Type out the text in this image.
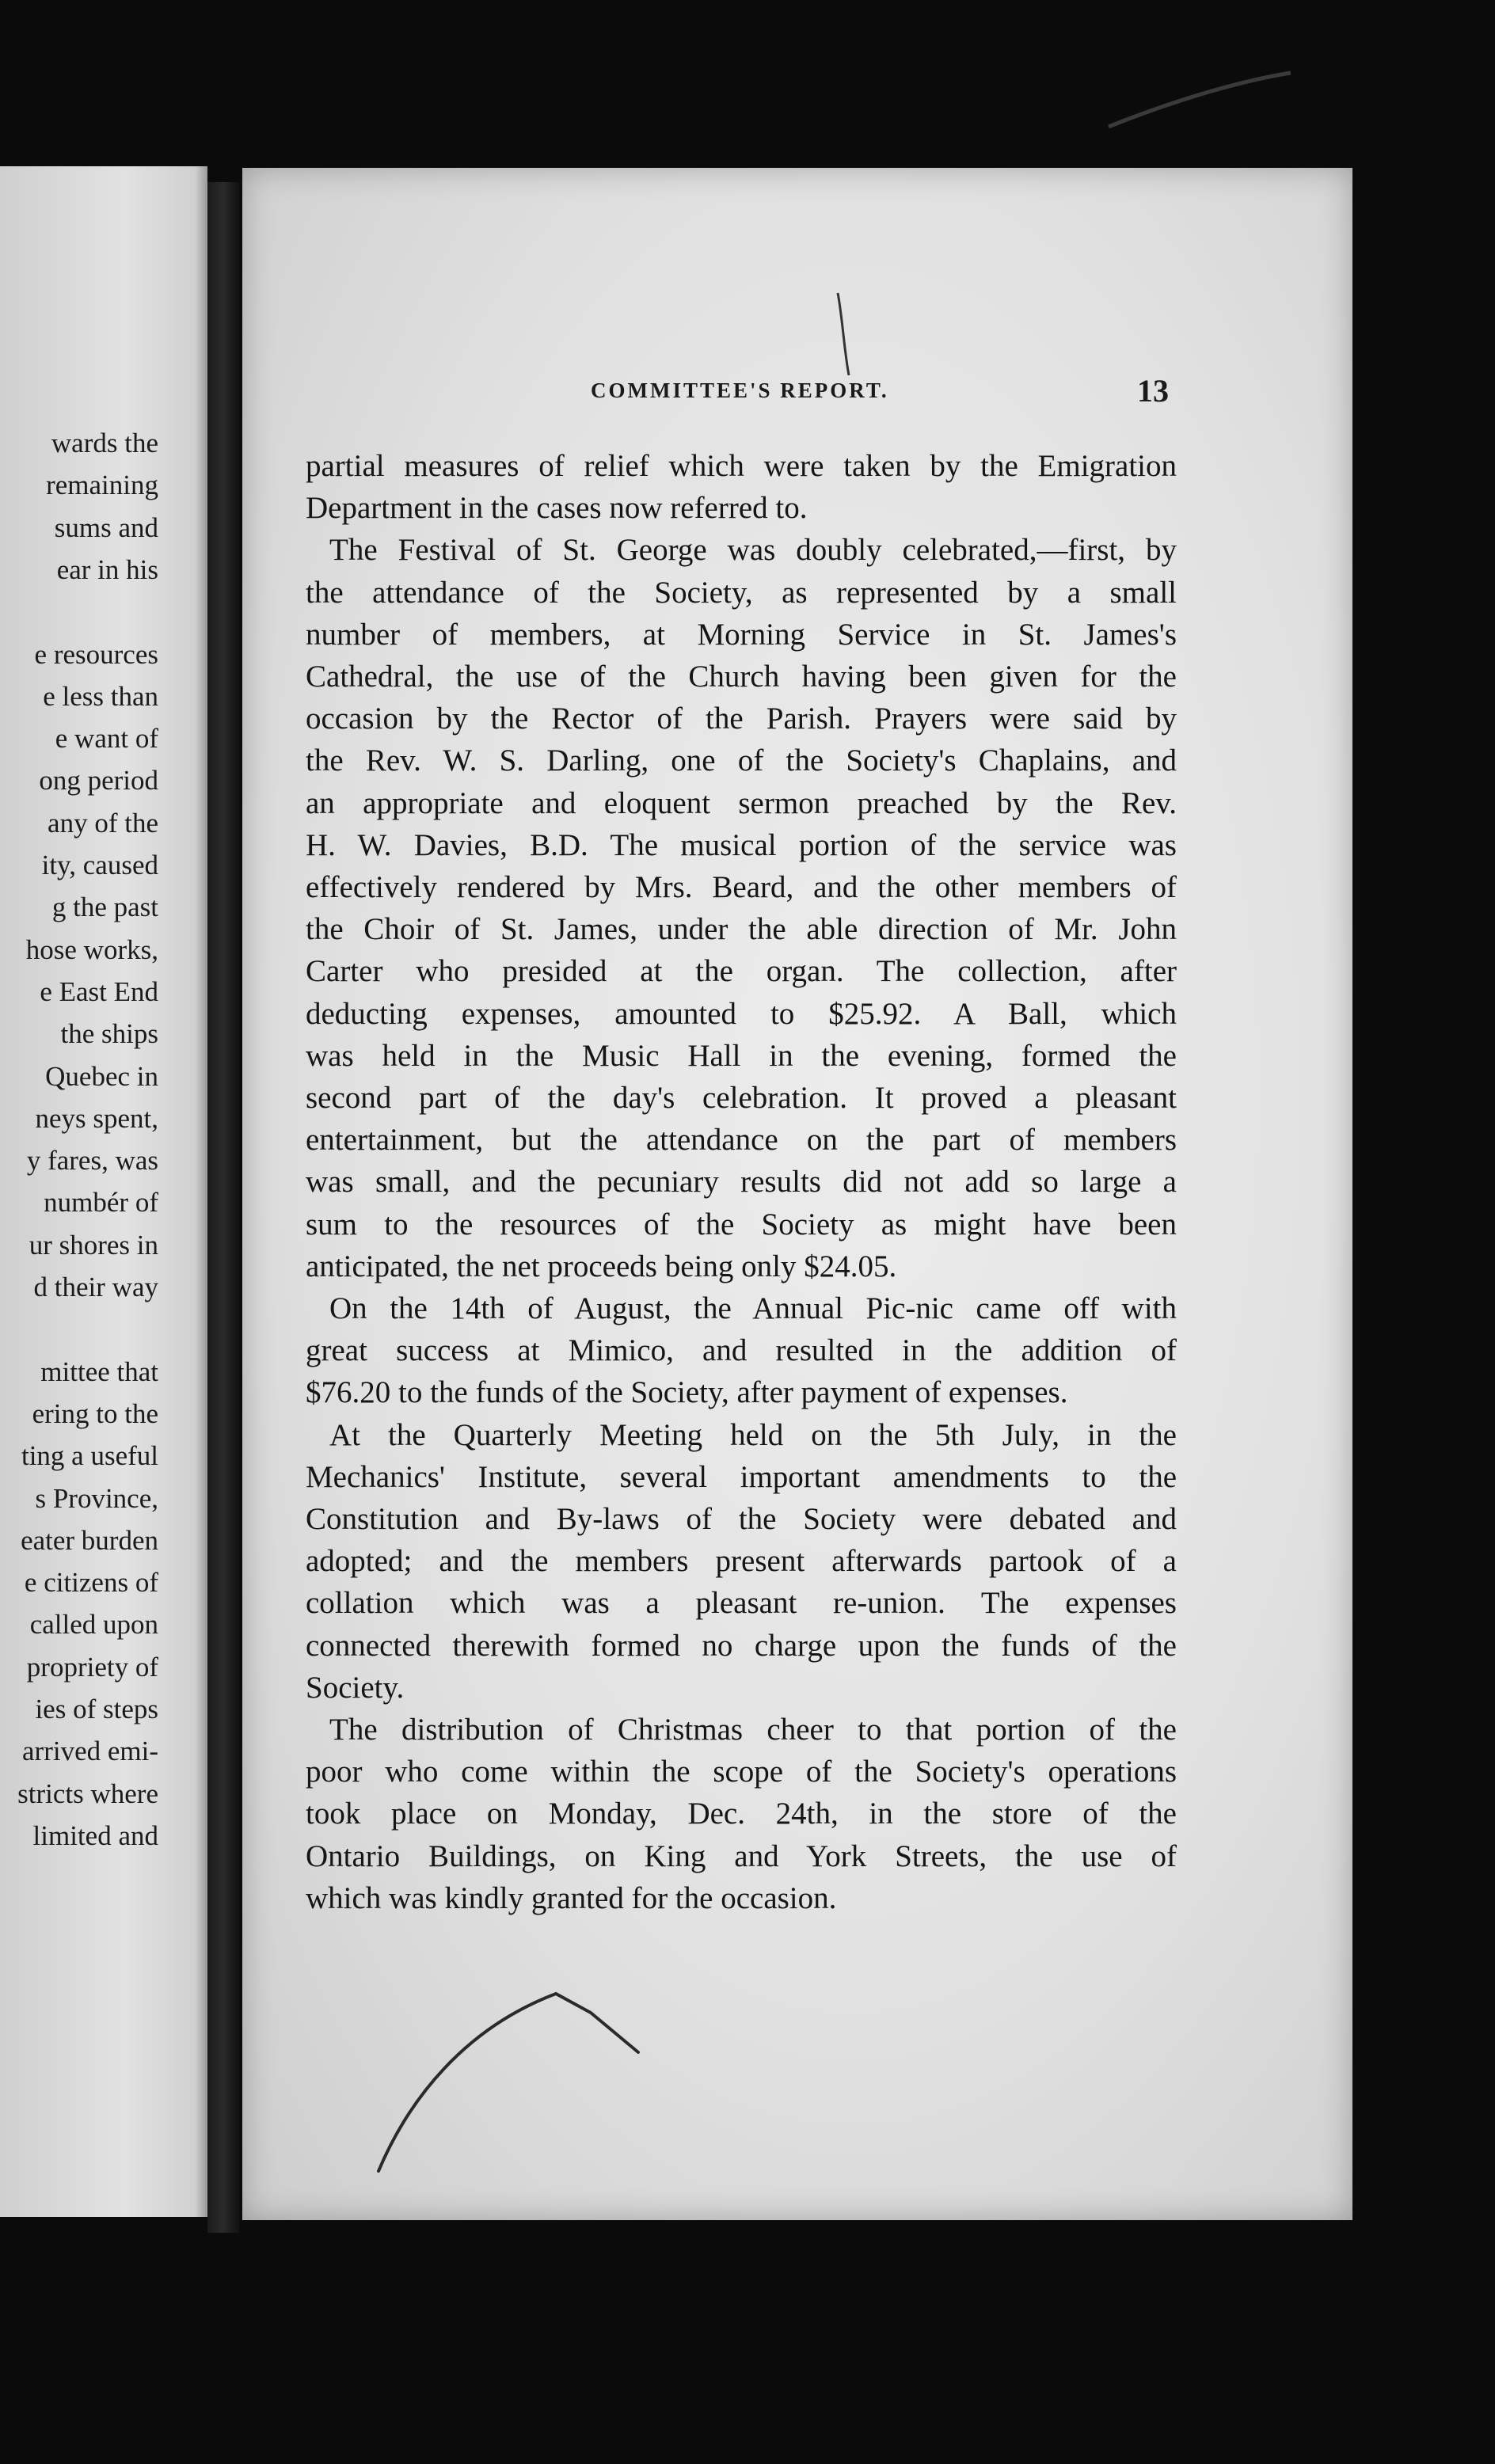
wards the
remaining
sums and
ear in his
e resources
e less than
e want of
ong period
any of the
ity, caused
g the past
hose works,
e East End
the ships
Quebec in
neys spent,
y fares, was
numbér of
ur shores in
d their way
mittee that
ering to the
ting a useful
s Province,
eater burden
e citizens of
called upon
propriety of
ies of steps
arrived emi-
stricts where
limited and
COMMITTEE'S REPORT.	13
partial measures of relief which were taken by the Emigration
Department in the cases now referred to.
The Festival of St. George was doubly celebrated,—first, by
the attendance of the Society, as represented by a small
number of members, at Morning Service in St. James's
Cathedral, the use of the Church having been given for the
occasion by the Rector of the Parish. Prayers were said by
the Rev. W. S. Darling, one of the Society's Chaplains, and
an appropriate and eloquent sermon preached by the Rev.
H. W. Davies, B.D. The musical portion of the service was
effectively rendered by Mrs. Beard, and the other members of
the Choir of St. James, under the able direction of Mr. John
Carter who presided at the organ. The collection, after
deducting expenses, amounted to $25.92. A Ball, which
was held in the Music Hall in the evening, formed the
second part of the day's celebration. It proved a pleasant
entertainment, but the attendance on the part of members
was small, and the pecuniary results did not add so large a
sum to the resources of the Society as might have been
anticipated, the net proceeds being only $24.05.
On the 14th of August, the Annual Pic-nic came off with
great success at Mimico, and resulted in the addition of
$76.20 to the funds of the Society, after payment of expenses.
At the Quarterly Meeting held on the 5th July, in the
Mechanics' Institute, several important amendments to the
Constitution and By-laws of the Society were debated and
adopted; and the members present afterwards partook of a
collation which was a pleasant re-union. The expenses
connected therewith formed no charge upon the funds of the
Society.
The distribution of Christmas cheer to that portion of the
poor who come within the scope of the Society's operations
took place on Monday, Dec. 24th, in the store of the
Ontario Buildings, on King and York Streets, the use of
which was kindly granted for the occasion.
